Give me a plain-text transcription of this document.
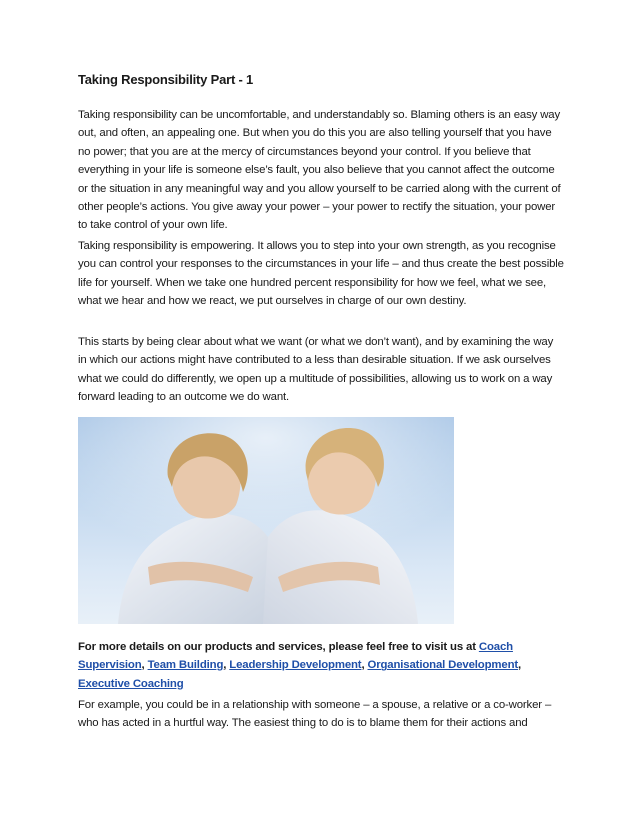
Taking Responsibility Part - 1

Taking responsibility can be uncomfortable, and understandably so. Blaming others is an easy way out, and often, an appealing one. But when you do this you are also telling yourself that you have no power; that you are at the mercy of circumstances beyond your control. If you believe that everything in your life is someone else’s fault, you also believe that you cannot affect the outcome or the situation in any meaningful way and you allow yourself to be carried along with the current of other people’s actions. You give away your power – your power to rectify the situation, your power to take control of your own life.

Taking responsibility is empowering. It allows you to step into your own strength, as you recognise you can control your responses to the circumstances in your life – and thus create the best possible life for yourself. When we take one hundred percent responsibility for how we feel, what we see, what we hear and how we react, we put ourselves in charge of our own destiny.

This starts by being clear about what we want (or what we don’t want), and by examining the way in which our actions might have contributed to a less than desirable situation. If we ask ourselves what we could do differently, we open up a multitude of possibilities, allowing us to work on a way forward leading to an outcome we do want.

For more details on our products and services, please feel free to visit us at Coach Supervision, Team Building, Leadership Development, Organisational Development, Executive Coaching

For example, you could be in a relationship with someone – a spouse, a relative or a co-worker – who has acted in a hurtful way. The easiest thing to do is to blame them for their actions and
